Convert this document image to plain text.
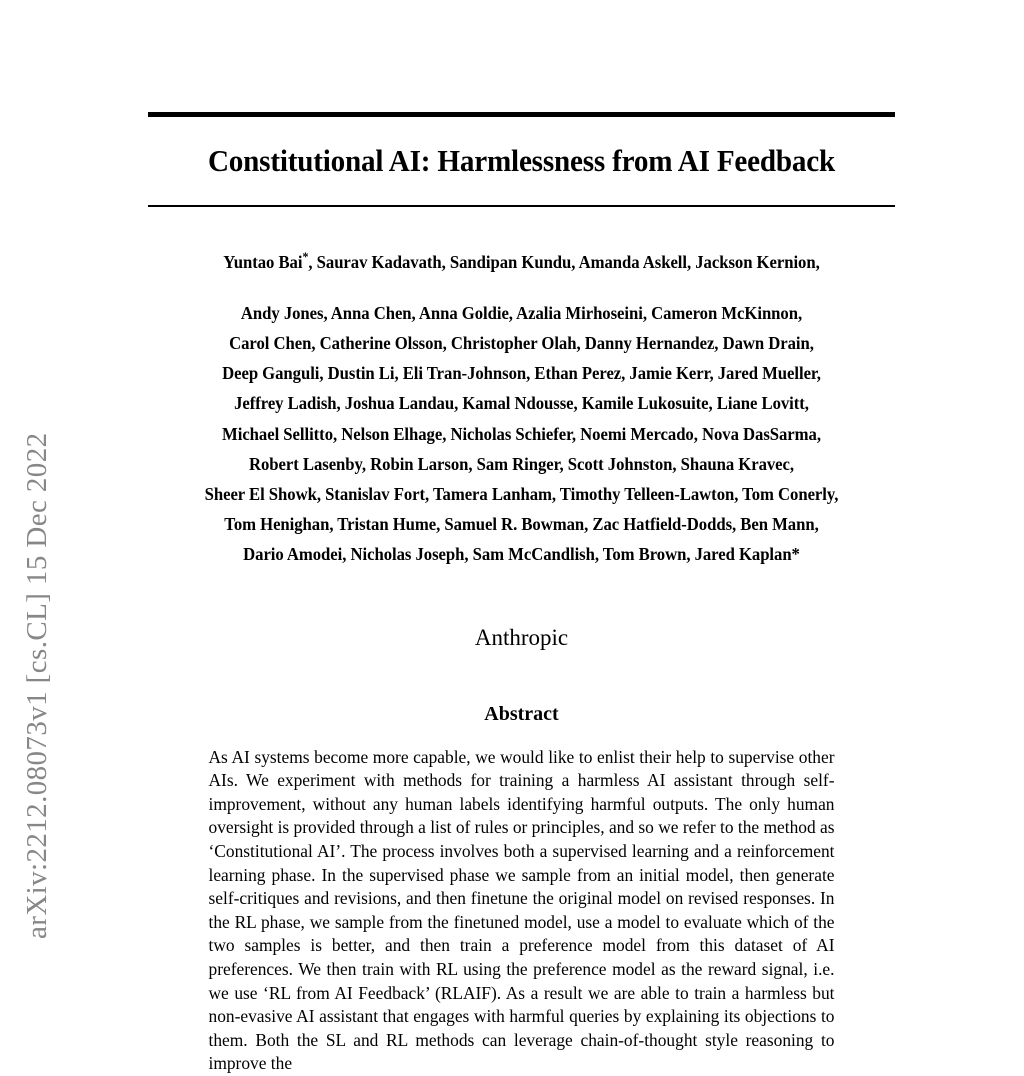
arXiv:2212.08073v1 [cs.CL] 15 Dec 2022
Constitutional AI: Harmlessness from AI Feedback
Yuntao Bai*, Saurav Kadavath, Sandipan Kundu, Amanda Askell, Jackson Kernion,
Andy Jones, Anna Chen, Anna Goldie, Azalia Mirhoseini, Cameron McKinnon,
Carol Chen, Catherine Olsson, Christopher Olah, Danny Hernandez, Dawn Drain,
Deep Ganguli, Dustin Li, Eli Tran-Johnson, Ethan Perez, Jamie Kerr, Jared Mueller,
Jeffrey Ladish, Joshua Landau, Kamal Ndousse, Kamile Lukosuite, Liane Lovitt,
Michael Sellitto, Nelson Elhage, Nicholas Schiefer, Noemi Mercado, Nova DasSarma,
Robert Lasenby, Robin Larson, Sam Ringer, Scott Johnston, Shauna Kravec,
Sheer El Showk, Stanislav Fort, Tamera Lanham, Timothy Telleen-Lawton, Tom Conerly,
Tom Henighan, Tristan Hume, Samuel R. Bowman, Zac Hatfield-Dodds, Ben Mann,
Dario Amodei, Nicholas Joseph, Sam McCandlish, Tom Brown, Jared Kaplan*
Anthropic
Abstract

As AI systems become more capable, we would like to enlist their help to supervise other AIs. We experiment with methods for training a harmless AI assistant through self-improvement, without any human labels identifying harmful outputs. The only human oversight is provided through a list of rules or principles, and so we refer to the method as ‘Constitutional AI’. The process involves both a supervised learning and a reinforcement learning phase. In the supervised phase we sample from an initial model, then generate self-critiques and revisions, and then finetune the original model on revised responses. In the RL phase, we sample from the finetuned model, use a model to evaluate which of the two samples is better, and then train a preference model from this dataset of AI preferences. We then train with RL using the preference model as the reward signal, i.e. we use ‘RL from AI Feedback’ (RLAIF). As a result we are able to train a harmless but non-evasive AI assistant that engages with harmful queries by explaining its objections to them. Both the SL and RL methods can leverage chain-of-thought style reasoning to improve the
